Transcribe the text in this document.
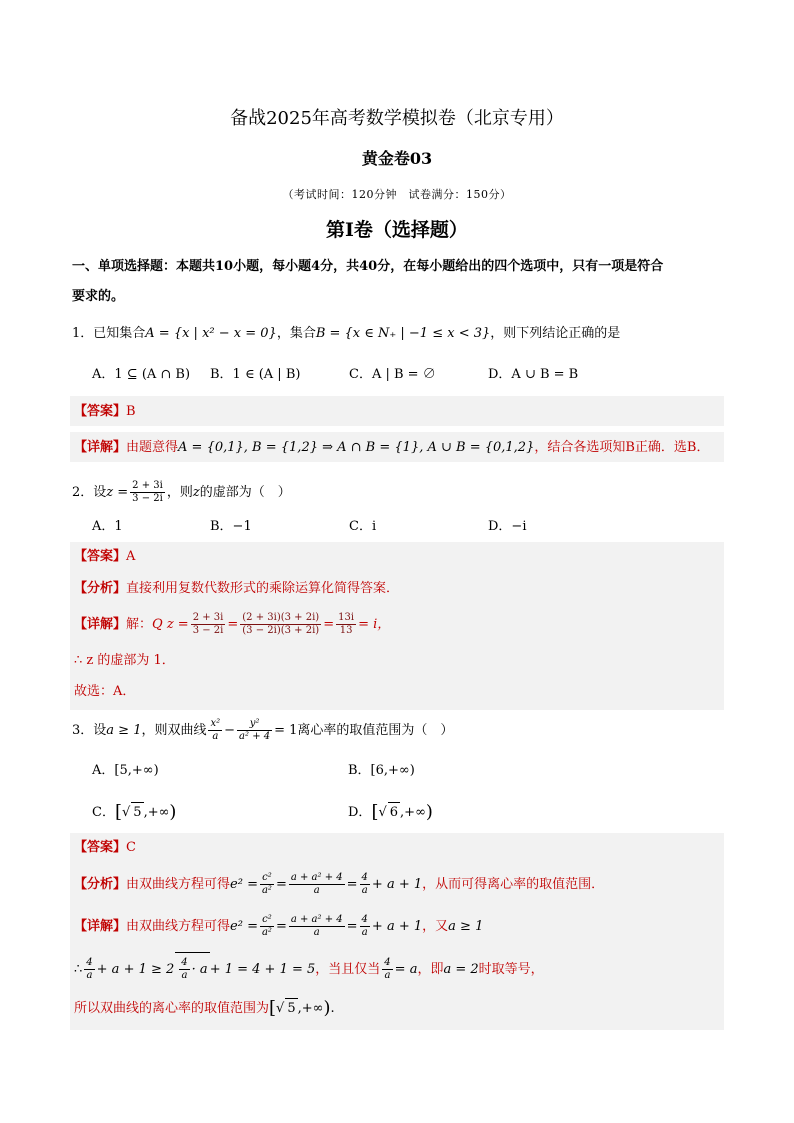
备战2025年高考数学模拟卷（北京专用）
黄金卷03
（考试时间：120分钟　试卷满分：150分）
第Ⅰ卷（选择题）
一、单项选择题：本题共10小题，每小题4分，共40分，在每小题给出的四个选项中，只有一项是符合
要求的。
1．已知集合A = {x | x² − x = 0}，集合B = {x ∈ N₊ | −1 ≤ x < 3}，则下列结论正确的是
A．1 ⊆ (A ∩ B) B．1 ∈ (A | B)	C．A | B = ∅	D．A ∪ B = B
【答案】B
【详解】由题意得A = {0,1}, B = {1,2} ⇒ A ∩ B = {1}, A ∪ B = {0,1,2}，结合各选项知B正确．选B．
2．设$z = \frac{2 + 3i}{3 - 2i}$ ，则z的虚部为（　）
A．1	B．−1	C．i	D．−i
【答案】A
【分析】直接利用复数代数形式的乘除运算化简得答案．
【详解】解：Q $z = \frac{2 + 3i}{3 - 2i} = \frac{(2 + 3i)(3 + 2i)}{(3 - 2i)(3 + 2i)} = \frac{13i}{13} = i$，
∴ z 的虚部为 1．
故选：A．
3．设a ≥ 1，则双曲线 $\frac{\text{x²}}{a} - \frac{\text{y²}}{\text{a² + 4}} = 1$离心率的取值范围为（　）
A．[5,+∞)	B．[6,+∞)
C．[√ 5 ,+∞)	D．[√ 6 ,+∞)
【答案】C
【分析】由双曲线方程可得$e^2 = \frac{\text{c²}}{\text{a²}} = \frac{\text{a + a² + 4}}{a} = \frac{4}{a} + a + 1$，从而可得离心率的取值范围．
【详解】由双曲线方程可得$e^2 = \frac{\text{c²}}{\text{a²}} = \frac{\text{a + a² + 4}}{a} = \frac{4}{a} + a + 1$，又a ≥ 1
∴ $\frac{4}{a} + a + 1 \ge 2 \frac{4}{a} \cdot a + 1 = 4 + 1 = 5$，当且仅当 $\frac{4}{a} = a$，即a = 2时取等号，
所以双曲线的离心率的取值范围为[√ 5 ,+∞).
